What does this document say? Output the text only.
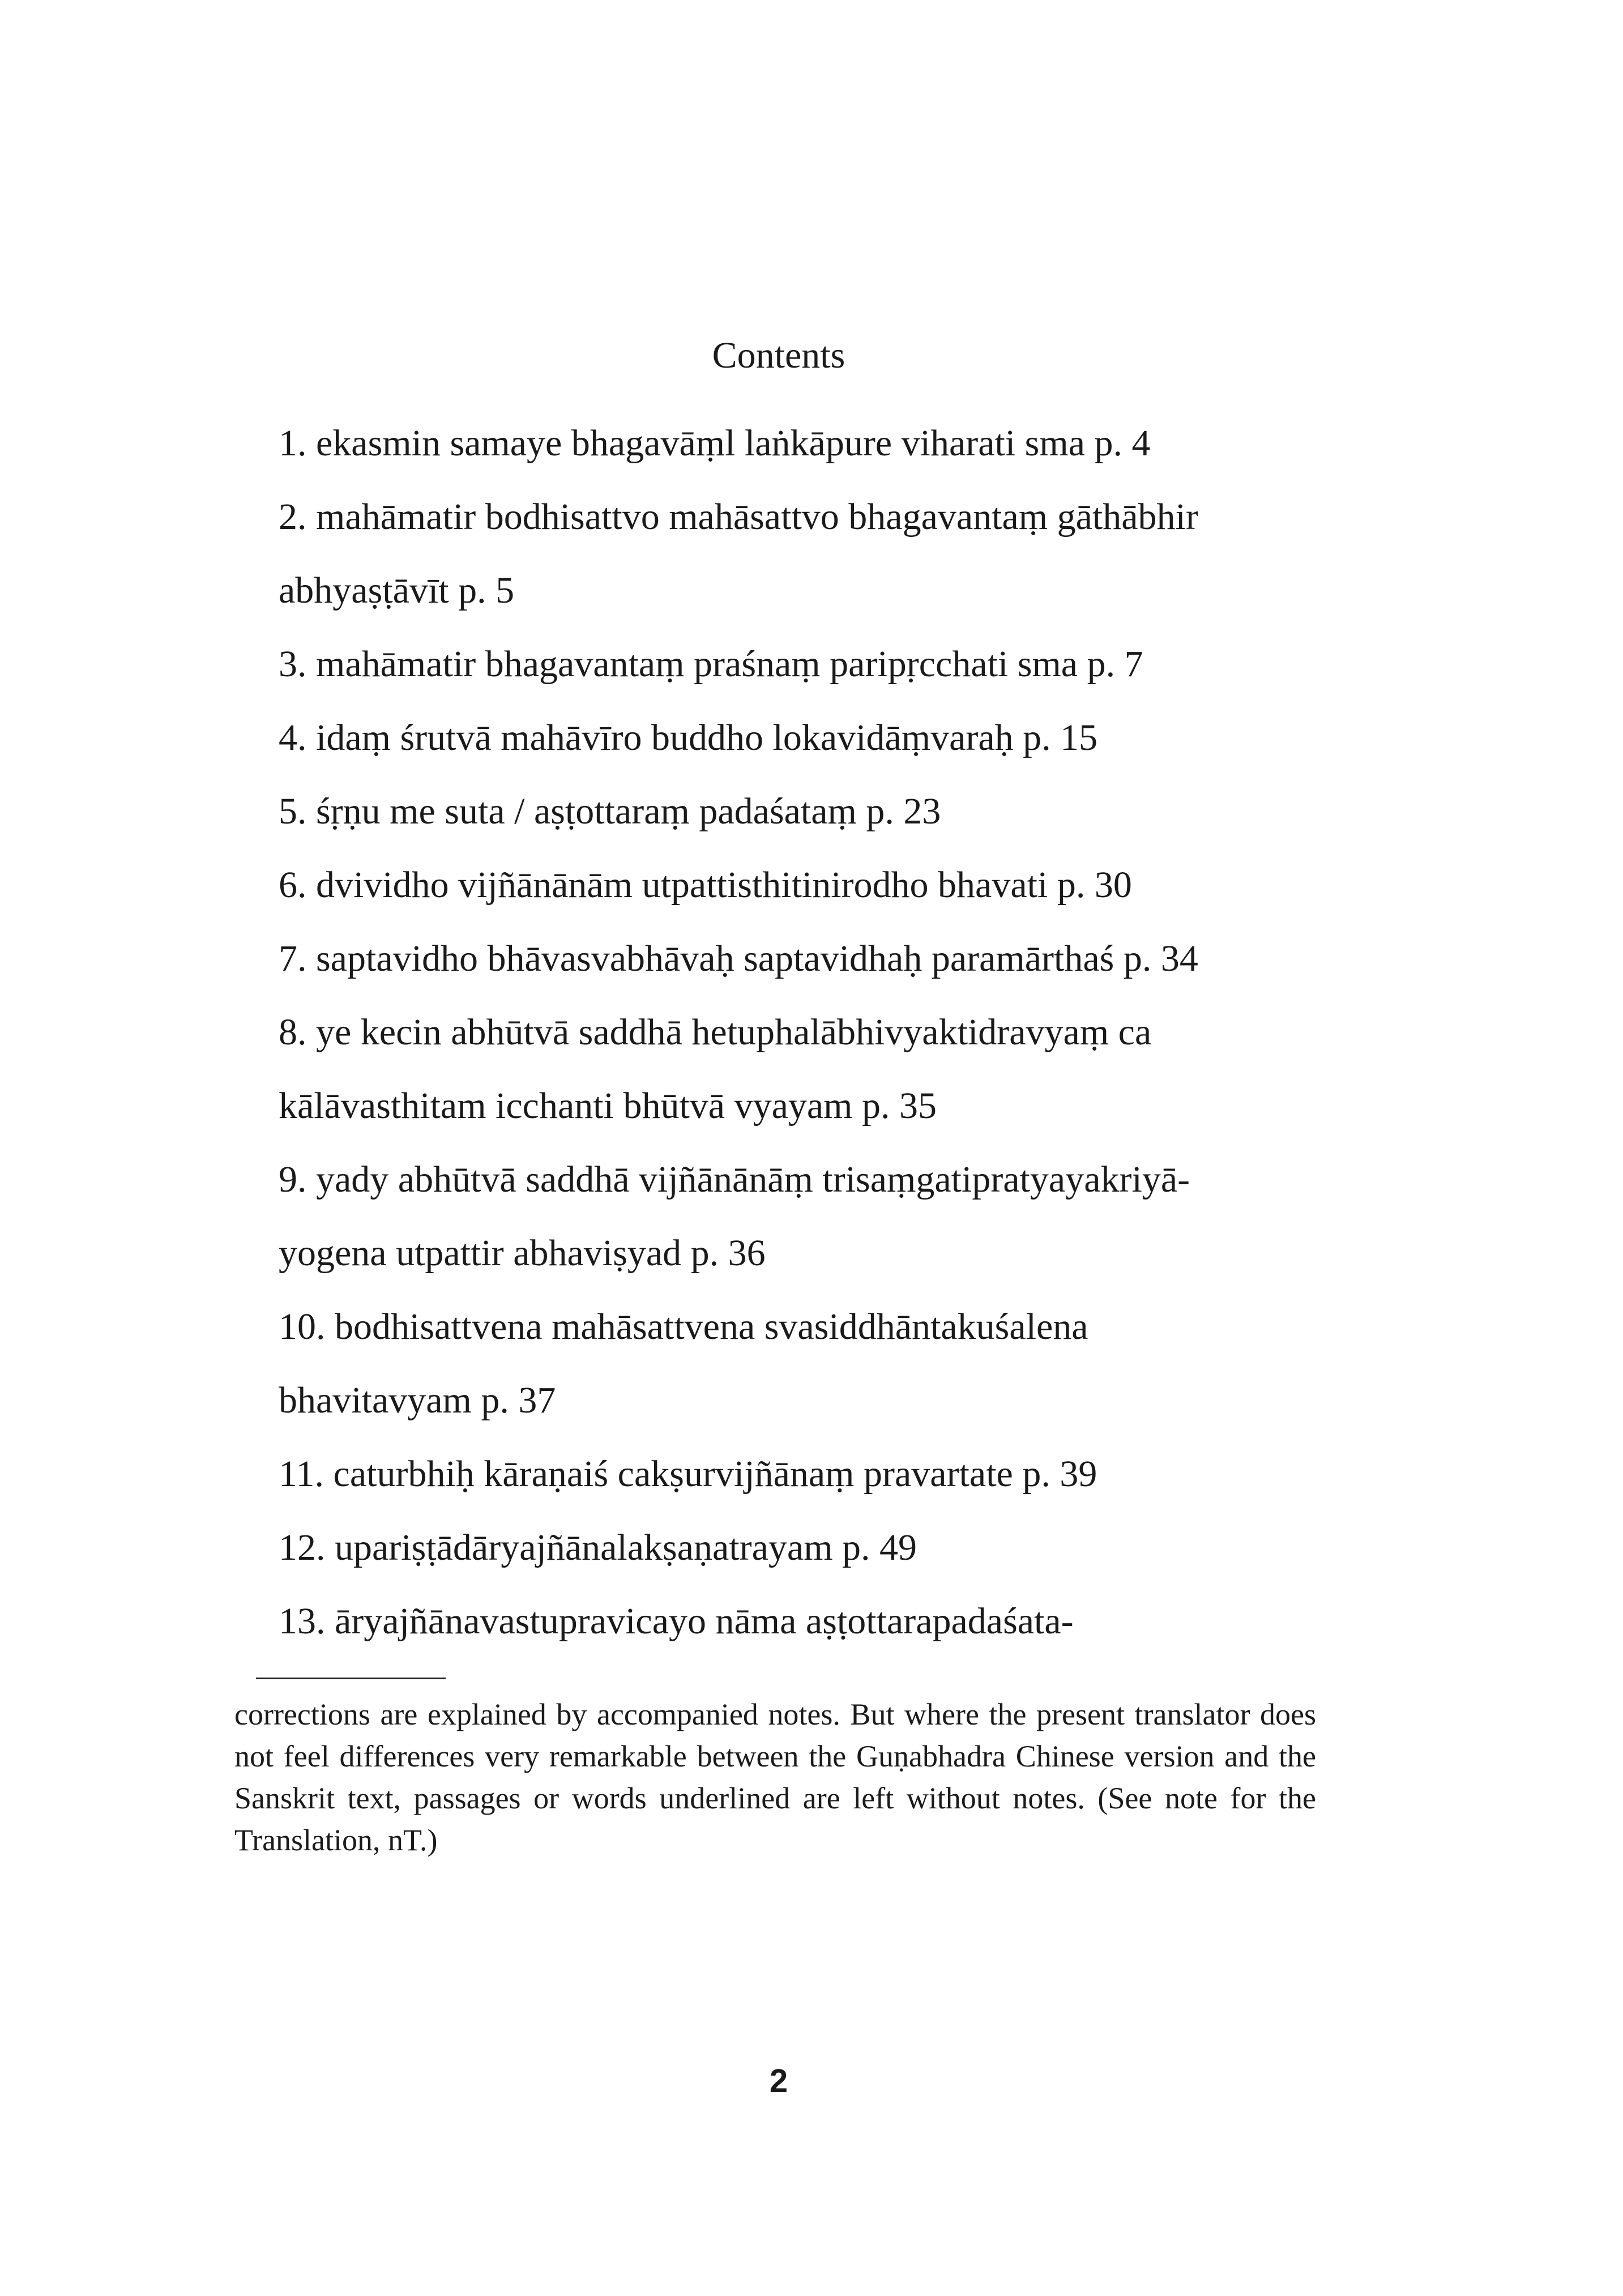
Contents

1. ekasmin samaye bhagavāṃl laṅkāpure viharati sma p. 4

2. mahāmatir bodhisattvo mahāsattvo bhagavantaṃ gāthābhir
abhyaṣṭāvīt p. 5

3. mahāmatir bhagavantaṃ praśnaṃ paripṛcchati sma p. 7

4. idaṃ śrutvā mahāvīro buddho lokavidāṃvaraḥ p. 15

5. śṛṇu me suta / aṣṭottaraṃ padaśataṃ p. 23

6. dvividho vijñānānām utpattisthitinirodho bhavati p. 30

7. saptavidho bhāvasvabhāvaḥ saptavidhaḥ paramārthaś p. 34

8. ye kecin abhūtvā saddhā hetuphalābhivyaktidravyaṃ ca
kālāvasthitam icchanti bhūtvā vyayam p. 35

9. yady abhūtvā saddhā vijñānānāṃ trisaṃgatipratyayakriyā-
yogena utpattir abhaviṣyad p. 36

10. bodhisattvena mahāsattvena svasiddhāntakuśalena
bhavitavyam p. 37

11. caturbhiḥ kāraṇaiś cakṣurvijñānaṃ pravartate p. 39

12. upariṣṭādāryajñānalakṣaṇatrayam p. 49

13. āryajñānavastupravicayo nāma aṣṭottarapadaśata-

corrections are explained by accompanied notes. But where the present translator does not feel differences very remarkable between the Guṇabhadra Chinese version and the Sanskrit text, passages or words underlined are left without notes. (See note for the Translation, nT.)
2
